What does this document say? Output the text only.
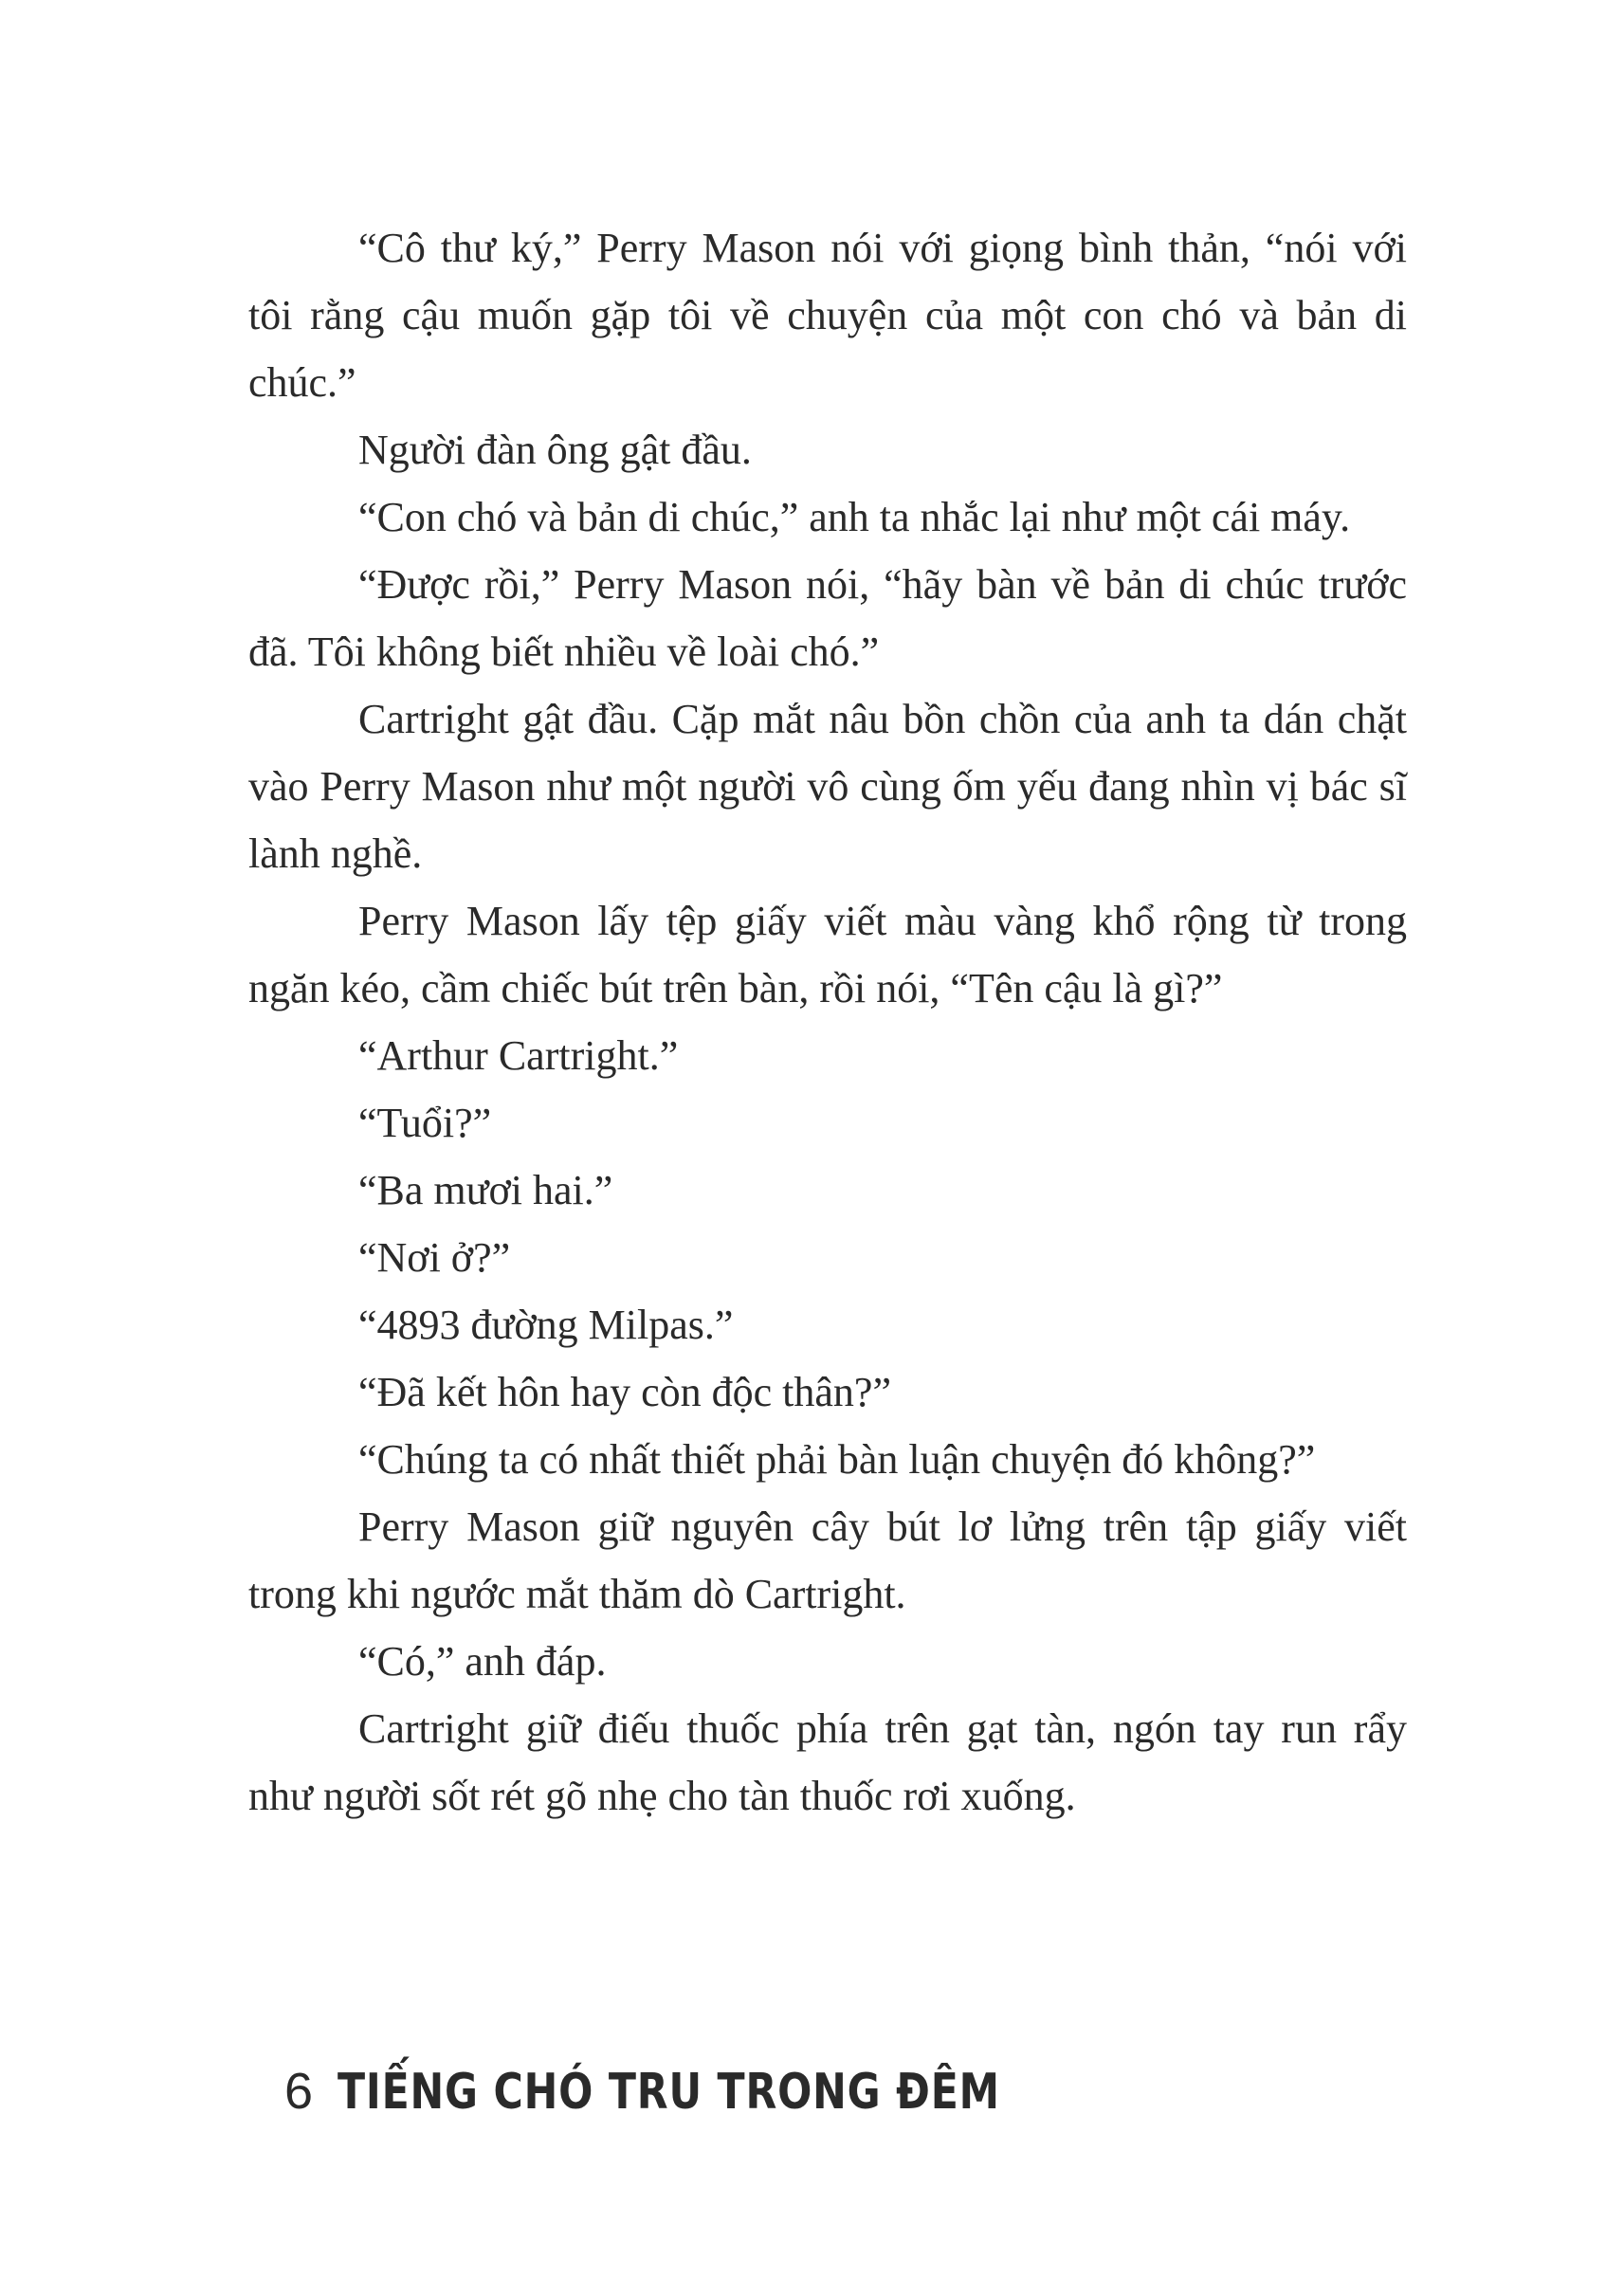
“Cô thư ký,” Perry Mason nói với giọng bình thản, “nói với tôi rằng cậu muốn gặp tôi về chuyện của một con chó và bản di chúc.”

Người đàn ông gật đầu.

“Con chó và bản di chúc,” anh ta nhắc lại như một cái máy.

“Được rồi,” Perry Mason nói, “hãy bàn về bản di chúc trước đã. Tôi không biết nhiều về loài chó.”

Cartright gật đầu. Cặp mắt nâu bồn chồn của anh ta dán chặt vào Perry Mason như một người vô cùng ốm yếu đang nhìn vị bác sĩ lành nghề.

Perry Mason lấy tệp giấy viết màu vàng khổ rộng từ trong ngăn kéo, cầm chiếc bút trên bàn, rồi nói, “Tên cậu là gì?”

“Arthur Cartright.”

“Tuổi?”

“Ba mươi hai.”

“Nơi ở?”

“4893 đường Milpas.”

“Đã kết hôn hay còn độc thân?”

“Chúng ta có nhất thiết phải bàn luận chuyện đó không?”

Perry Mason giữ nguyên cây bút lơ lửng trên tập giấy viết trong khi ngước mắt thăm dò Cartright.

“Có,” anh đáp.

Cartright giữ điếu thuốc phía trên gạt tàn, ngón tay run rẩy như người sốt rét gõ nhẹ cho tàn thuốc rơi xuống.

6 TIẾNG CHÓ TRU TRONG ĐÊM
